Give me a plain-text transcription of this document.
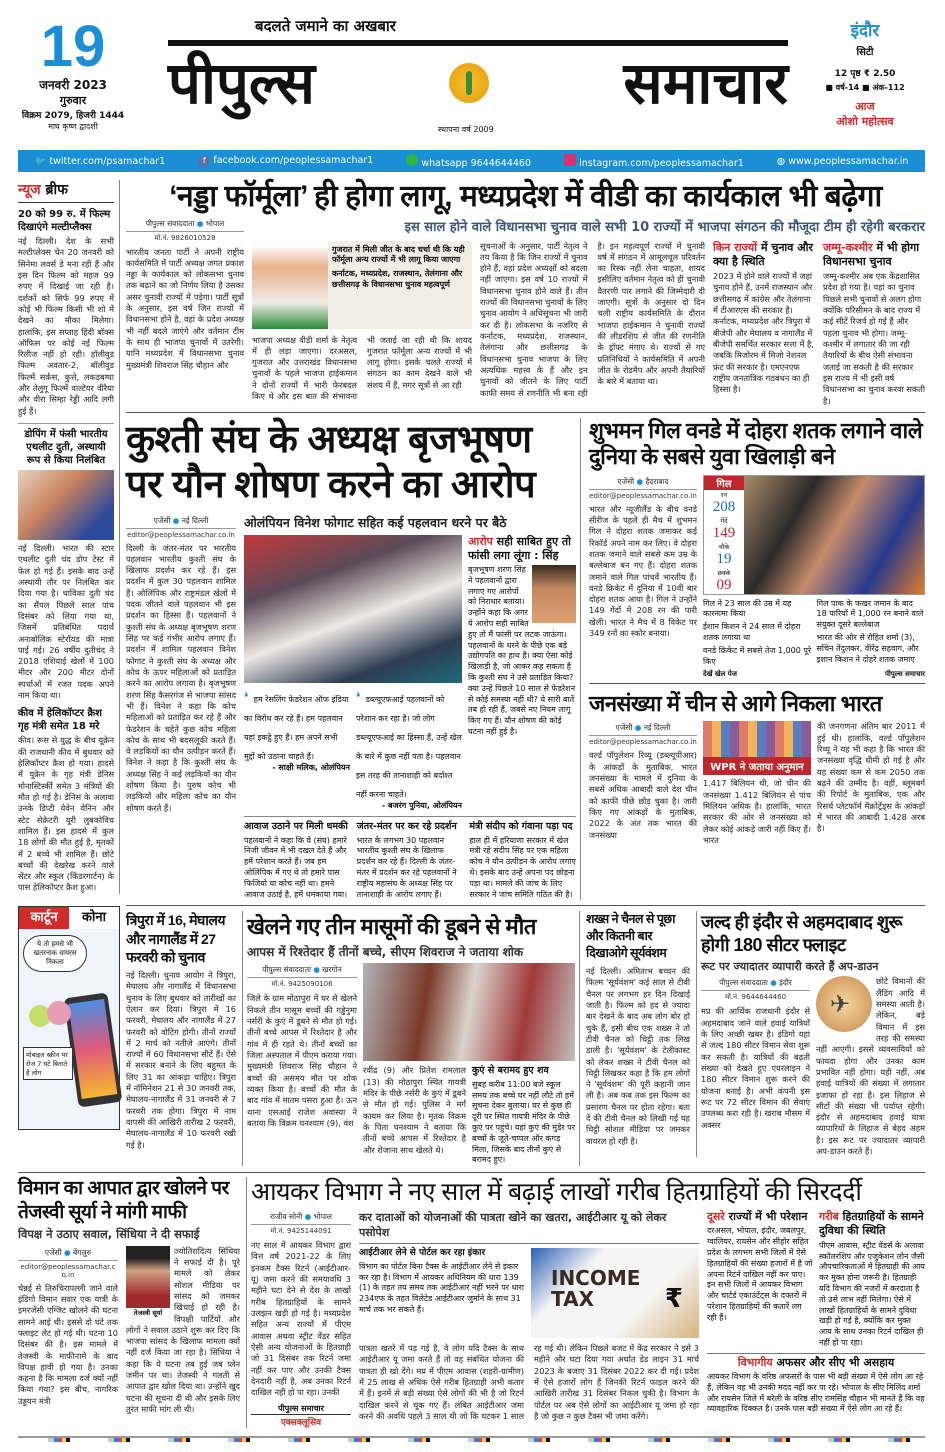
19
जनवरी 2023
गुरुवार
विक्रम 2079, हिजरी 1444
माघ कृष्ण द्वादशी
बदलते जमाने का अखबार
पीपुल्स	समाचार
स्थापना वर्ष 2009
इंदौर
सिटी
12 पृष्ठ ₹ 2.50
■ वर्ष-14 ■ अंक-112
आज
ओशो महोत्सव
🐦 twitter.com/psamachar1	f facebook.com/peoplessamachar1	whatsapp 9644644460	instagram.com/peoplessamachar1	◍ www.peoplessamachar.in
न्यूज ब्रीफ
20 को 99 रु. में फिल्म दिखाएंगे मल्टीप्लैक्स
नई दिल्ली। देश के सभी मल्टीप्लेक्स चेन 20 जनवरी को सिनेमा लवर्स डे मना रही हैं और इस दिन फिल्म को महज 99 रुपए में दिखाई जा रही है। दर्शकों को सिर्फ 99 रुपए में कोई भी फिल्म किसी भी शो में देखने का मौका मिलेगा। हालांकि, इस सप्ताह हिंदी बॉक्स ऑफिस पर कोई नई फिल्म रिलीज नहीं हो रही। हॉलीवुड फिल्म अवतार-2, बॉलीवुड फिल्में सर्कस, कुत्ते, लकड़बग्घा और तेलुगू फिल्में वाल्टेयर वीरैया और वीरा सिम्हा रेड्डी आदि लगी हुई हैं।
डोपिंग में फंसी भारतीय एथलीट दुती, अस्थायी रूप से किया निलंबित
नई दिल्ली। भारत की स्टार एथलीट दुती चंद डोप टेस्ट में फेल हो गई हैं। इसके बाद उन्हें अस्थायी तौर पर निलंबित कर दिया गया है। धाविका दुती चंद का सैंपल पिछले साल पांच दिसंबर को लिया गया था, जिसमें प्रतिबंधित पदार्थ अनाबोलिक स्टेरॉयड की मात्रा पाई गई। 26 वर्षीय दुतीचंद ने 2018 एशियाई खेलों में 100 मीटर और 200 मीटर दोनों स्पर्धाओं में रजत पदक अपने नाम किया था।
कीव में हेलिकॉप्टर क्रैश गृह मंत्री समेत 18 मरे
कीव। रूस से युद्ध के बीच यूक्रेन की राजधानी कीव में बुधवार को हेलिकॉप्टर क्रैश हो गया। हादसे में यूक्रेन के गृह मंत्री डेनिस मोनास्टिर्स्की समेत 3 मंत्रियों की मौत हो गई है। डेनिस के अलावा उनके डिप्टी येवेन येनिन और स्टेट सेक्रेटरी यूरी लुबकोविच शामिल हैं। इस हादसे में कुल 18 लोगों की मौत हुई है, मृतकों में 2 बच्चे भी शामिल हैं। छोटे बच्चों की देखरेख करने वाले सेंटर और स्कूल (किंडरगार्टन) के पास हेलिकॉप्टर क्रैश हुआ।
कार्टून	कोना
ये तो हमसे भी खतरनाक वायरस निकला
मोबाइल स्क्रीन पर रोज 7 घंटे बिताते हैं लोग
‘नड्डा फॉर्मूला’ ही होगा लागू, मध्यप्रदेश में वीडी का कार्यकाल भी बढ़ेगा
पीपुल्स संवाददाता ● भोपाल
मो.नं. 9826010528
भारतीय जनता पार्टी ने अपनी राष्ट्रीय कार्यसमिति में पार्टी अध्यक्ष जगत प्रकाश नड्डा के कार्यकाल को लोकसभा चुनाव तक बढ़ाने का जो निर्णय लिया है उसका असर चुनावी राज्यों में पड़ेगा। पार्टी सूत्रों के अनुसार, इस वर्ष जिन राज्यों में विधानसभा होने है, वहां के प्रदेश अध्यक्ष भी नहीं बदले जाएंगे और वर्तमान टीम के साथ ही भाजपा चुनावों में उतरेगी। यानि मध्यप्रदेश में विधानसभा चुनाव मुख्यमंत्री शिवराज सिंह चौहान और
इस साल होने वाले विधानसभा चुनाव वाले सभी 10 राज्यों में भाजपा संगठन की मौजूदा टीम ही रहेगी बरकरार
गुजरात में मिली जीत के बाद चर्चा थी कि यही फॉर्मूला अन्य राज्यों में भी लागू किया जाएगा
कर्नाटक, मध्यप्रदेश, राजस्थान, तेलंगाना और छत्तीसगढ़ के विधानसभा चुनाव महत्वपूर्ण
भाजपा अध्यक्ष वीडी शर्मा के नेतृत्व में ही लड़ा जाएगा। दरअसल, गुजरात और उत्तराखंड विधानसभा चुनावों के पहले भाजपा हाईकमान ने दोनों राज्यों में भारी फेरबदल किए थे और इस बात की संभावना भी जताई जा रही थी कि शायद गुजरात फॉर्मूला अन्य राज्यों में भी लागू होगा। इसके चलते राज्यों में संगठन का काम देखने वाले भी संशय में हैं, मगर सूत्रों से आ रही
सूचनाओं के अनुसार, पार्टी नेतृत्व ने तय किया है कि जिन राज्यों में चुनाव होने हैं, वहां प्रदेश अध्यक्षों को बदला नहीं जाएगा। इस वर्ष 10 राज्यों में विधानसभा चुनाव होने वाले हैं। तीन राज्यों की विधानसभा चुनावों के लिए चुनाव आयोग ने अधिसूचना भी जारी कर दी है। लोकसभा के नजरिए से कर्नाटक, मध्यप्रदेश, राजस्थान, तेलंगाना और छत्तीसगढ़ के विधानसभा चुनाव भाजपा के लिए अत्यधिक महत्त्व के हैं और इन चुनावों को जीतने के लिए पार्टी काफी समय से रणनीति भी बना रही है। इन महत्वपूर्ण राज्यों में चुनावी वर्ष में संगठन में आमूलचूल परिवर्तन का रिस्क नहीं लेना चाहता, शायद इसीलिए वर्तमान नेतृत्व को ही चुनावी वैतरणी पार लगाने की जिम्मेदारी दी जाएगी। सूत्रों के अनुसार दो दिन चली राष्ट्रीय कार्यसमिति के दौरान भाजपा हाईकमान ने चुनावी राज्यों की लीडरशिप से जीत की रणनीति के ड्रॉफ्ट मंगाए थे। राज्यों से गए प्रतिनिधियों ने कार्यसमिति में अपनी जीत के रोडमैप और अपनी तैयारियों के बारे में बताया था।
किन राज्यों में चुनाव और क्या है स्थिति
2023 में होने वाले राज्यों में जहां चुनाव होने हैं, उनमें राजस्थान और छत्तीसगढ़ में कांग्रेस और तेलंगाना में टीआरएस की सरकार है। कर्नाटक, मध्यप्रदेश और त्रिपुरा में बीजेपी और मेघालय व नागालैंड में बीजेपी समर्थित सरकार सत्ता में है, जबकि मिजोरम में मिजो नेशनल फ्रंट की सरकार है। एमएनएफ राष्ट्रीय जनतांत्रिक गठबंधन का ही हिस्सा है।
जम्मू-कश्मीर में भी होगा विधानसभा चुनाव
जम्मू-कश्मीर अब एक केंद्रशासित प्रदेश हो गया है। यहां का चुनाव पिछले सभी चुनावों से अलग होगा क्योंकि परिसीमन के बाद राज्य में कई सीटें रिजर्व हो गई हैं और पहला चुनाव भी होगा। जम्मू-कश्मीर में लगातार की जा रही तैयारियों के बीच ऐसी संभावना जताई जा सकती है की सरकार इस राज्य में भी इसी वर्ष विधानसभा का चुनाव करवा सकती है।
कुश्ती संघ के अध्यक्ष बृजभूषण पर यौन शोषण करने का आरोप
एजेंसी ● नई दिल्ली
editor@peoplessamachar.co.in
दिल्ली के जंतर-मंतर पर भारतीय पहलवान भारतीय कुश्ती संघ के खिलाफ प्रदर्शन कर रहे हैं। इस प्रदर्शन में कुल 30 पहलवान शामिल हैं। ओलिंपिक और राष्ट्रमंडल खेलों में पदक जीतने वाले पहलवान भी इस प्रदर्शन का हिस्सा हैं। पहलवानों ने कुश्ती संघ के अध्यक्ष बृजभूषण शरण सिंह पर कई गंभीर आरोप लगाए हैं। प्रदर्शन में शामिल पहलवान विनेश फोगाट ने कुश्ती संघ के अध्यक्ष और कोच के ऊपर महिलाओं को प्रताड़ित करने का आरोप लगाया है। बृजभूषण शरण सिंह कैसरगंज से भाजपा सांसद भी हैं। विनेश ने कहा कि कोच महिलाओं को प्रताड़ित कर रहे हैं और फेडरेशन के चहेते कुछ कोच महिला कोच के साथ भी बदसलूकी करते हैं। वे लड़कियों का यौन उत्पीड़न करते हैं। विनेश ने कहा है कि कुश्ती संघ के अध्यक्ष सिंह ने कई लड़कियों का यौन शोषण किया है। पुरुष कोच भी लड़कियों और महिला कोच का यौन शोषण करते हैं।
ओलंपियन विनेश फोगाट सहित कई पहलवान धरने पर बैठे
❛ हम रेसलिंग फेडरेशन ऑफ इंडिया का विरोध कर रहे हैं। हम पहलवान यहां इकट्ठे हुए हैं। हम अपने सभी मुद्दों को उठाना चाहते हैं।
- साक्षी मलिक, ओलंपियन
❛ डब्ल्यूएफआई पहलवानों को परेशान कर रहा है। जो लोग डब्ल्यूएफआई का हिस्सा हैं, उन्हें खेल के बारे में कुछ नहीं पता है। पहलवान इस तरह की तानाशाही को बर्दाश्त नहीं करना चाहते।
- बजरंग पुनिया, ओलंपियन
आरोप सही साबित हुए तो फांसी लगा लूंगा : सिंह
बृजभूषण शरण सिंह ने पहलवानों द्वारा लगाए गए आरोपों को निराधार बताया। उन्होंने कहा कि अगर ये आरोप सही साबित हुए तो मैं फांसी पर लटक जाऊंगा। पहलवानों के धरने के पीछे एक बड़े उद्योगपति का हाथ है। क्या ऐसा कोई खिलाड़ी है, जो आकर कह सकता है कि कुश्ती संघ ने उसे प्रताड़ित किया? क्या उन्हें पिछले 10 साल से फेडरेशन से कोई समस्या नहीं थी? ये सारी बातें तब हो रही हैं, जबसे नए नियम लागू किए गए हैं। यौन शोषण की कोई घटना नहीं हुई है।
आवाज उठाने पर मिली धमकी
पहलवानों ने कहा कि वे (संघ) हमारे निजी जीवन में भी दखल देते हैं और हमें परेशान करते हैं। जब हम ओलिंपिक में गए थे तो हमारे पास फिजियो या कोच नहीं था। हमने आवाज उठाई है, हमें धमकाया गया।
जंतर-मंतर पर कर रहे प्रदर्शन
भारत के लगभग 30 पहलवान भारतीय कुश्ती संघ के खिलाफ प्रदर्शन कर रहे हैं। दिल्ली के जंतर-मंतर में प्रदर्शन कर रहे पहलवानों ने राष्ट्रीय महासंघ के अध्यक्ष सिंह पर तानाशाही के आरोप लगाए हैं।
मंत्री संदीप को गंवाना पड़ा पद
हाल ही में हरियाणा सरकार में खेल मंत्री रहे संदीप सिंह पर एक महिला कोच ने यौन उत्पीड़न के आरोप लगाए थे। इसके बाद उन्हें अपना पद छोड़ना पड़ा था। मामले की जांच के लिए सरकार ने जांच समिति गठित की है।
शुभमन गिल वनडे में दोहरा शतक लगाने वाले दुनिया के सबसे युवा खिलाड़ी बने
एजेंसी ● हैदराबाद
editor@peoplessamachar.co.in
भारत और न्यूजीलैंड के बीच वनडे सीरीज के पहले ही मैच में शुभमन गिल ने दोहरा शतक जमाकर कई रिकॉर्ड अपने नाम कर लिए। वे दोहरा शतक जमाने वाले सबसे कम उम्र के बल्लेबाज बन गए हैं। दोहरा शतक जमाने वाले गिल पांचवें भारतीय हैं। वनडे क्रिकेट में दुनिया में 10वीं बार दोहरा शतक आया है। गिल ने उन्होंने 149 गेंदों में 208 रन की पारी खेली। भारत ने मैच में 8 विकेट पर 349 रनों का स्कोर बनाया।
गिल
रन
208
गेंदें
149
चौके
19
छक्के
09
गिल ने 23 साल की उम्र में यह कारनामा किया
ईशान किशन ने 24 साल में दोहरा शतक लगाया था
वनडे क्रिकेट में सबसे तेज 1,000 पूरे किए
गिल पाक के फखर जमान के बाद 18 पारियों में 1,000 रन बनाने वाले संयुक्त दूसरे बल्लेबाज
भारत की ओर से रोहित शर्मा (3), सचिन तेंदुलकर, वीरेंद्र सहवाग, और इशान किशन ने दोहरे शतक जमाए
देखें खेल पेज	पीपुल्स समाचार
जनसंख्या में चीन से आगे निकला भारत
एजेंसी ● नई दिल्ली
editor@peoplessamachar.co.in
वर्ल्ड पॉपुलेशन रिव्यू (डब्ल्यूपीआर) के आंकड़ों के मुताबिक, भारत जनसंख्या के मामले में दुनिया के सबसे अधिक आबादी वाले देश चीन को काफी पीछे छोड़ चुका है। जारी किए गए आंकड़ों के मुताबिक, 2022 के अंत तक भारत की जनसंख्या
WPR ने जताया अनुमान
1.417 बिलियन थी, जो चीन की जनसंख्या 1.412 बिलियन से पांच मिलियन अधिक है। हालांकि, भारत सरकार की ओर से जनसंख्या को लेकर कोई आंकड़े जारी नहीं किए हैं। भारत
की जनगणना अंतिम बार 2011 में हुई थी। हालांकि, वर्ल्ड पॉपुलेशन रिव्यू ने यह भी कहा है कि भारत की जनसंख्या वृद्धि धीमी हो गई है और यह संख्या कम से कम 2050 तक बढ़ने की उम्मीद है। वहीं, ब्लूमबर्ग की रिपोर्ट के मुताबिक, एक और रिसर्च प्लेटफॉर्म मैक्रोट्रेंड्स के आंकड़ों में भारत की आबादी 1.428 अरब है।
त्रिपुरा में 16, मेघालय और नागालैंड में 27 फरवरी को चुनाव
नई दिल्ली। चुनाव आयोग ने त्रिपुरा, मेघालय और नागालैंड में विधानसभा चुनाव के लिए बुधवार को तारीखों का ऐलान कर दिया। त्रिपुरा में 16 फरवरी, मेघालय और नागालैंड में 27 फरवरी को वोटिंग होगी। तीनों राज्यों में 2 मार्च को नतीजे आएंगे। तीनों राज्यों में 60 विधानसभा सीटें हैं। ऐसे में सरकार बनाने के लिए बहुमत के लिए 31 का आंकड़ा चाहिए। त्रिपुरा में नॉमिनेशन 21 से 30 जनवरी तक, मेघालय-नागालैंड में 31 जनवरी से 7 फरवरी तक होगा। त्रिपुरा में नाम वापसी की आखिरी तारीख 2 फरवरी, मेघालय-नागालैंड में 10 फरवरी रखी गई है।
खेलने गए तीन मासूमों की डूबने से मौत
आपस में रिश्तेदार हैं तीनों बच्चे, सीएम शिवराज ने जताया शोक
पीपुल्स संवाददाता ● खरगोन
मो.नं. 9425090106
जिले के ग्राम मोठापुरा में घर से खेलने निकले तीन मासूम बच्चों की गड्ढेनुमा नर्सरी के कुएं में डूबने से मौत हो गई। तीनों बच्चे आपस में रिश्तेदार है और गांव में ही रहते थे। तीनों बच्चों का जिला अस्पताल में पीएम कराया गया। मुख्यमंत्री शिवराज सिंह चौहान ने बच्चों की असमय मौत पर शोक व्यक्त किया है। बच्चों की मौत के बाद गांव में मातम पसरा हुआ है। ऊन थाना एसआई राजेश अवास्या ने बताया कि विक्रम घनश्याम (9), वंश
रवींद्र (9) और प्रितेश रामलाल (13) की मोठापुरा स्थित गायत्री मंदिर के पीछे नर्सरी के कुएं में डूबने से मौत हो गई। पुलिस ने मर्ग कायम कर लिया है। मृतक विक्रम के पिता घनश्याम ने बताया कि तीनों बच्चे आपस में रिश्तेदार है और रोजाना साथ खेलते थे।
कुएं से बरामद हुए शव
सुबह करीब 11:00 बजे स्कूल समय तक बच्चे घर नहीं लौटे तो हमें सूचना देकर बुलाया। घर से कुछ ही दूरी पर स्थित गायत्री मंदिर के पीछे कुएं पर पहुंचे। यहां कुएं की मुंडेर पर बच्चों के जूते-चप्पल और कंगड़ मिला, जिसके बाद तीनों कुएं से बरामद हुए।
शख्स ने चैनल से पूछा और कितनी बार दिखाओगे सूर्यवंशम
नई दिल्ली। अमिताभ बच्चन की फिल्म 'सूर्यवंशम' कई साल से टीवी चैनल पर लगभग हर दिन दिखाई जाती है। फिल्म को हद से ज्यादा बार देखने के बाद अब लोग बोर हो चुके हैं, इसी बीच एक शख्स ने तो टीवी चैनल को चिट्ठी तक लिख डाली है। 'सूर्यवंशम' के टेलीकास्ट को लेकर शख्स ने टीवी चैनल को चिट्ठी लिखकर कहा है कि हम लोगों ने 'सूर्यवंशम' की पूरी कहानी जान ली है। अब कब तक इस फिल्म का प्रसारण चैनल पर होता रहेगा। बता दें की टीवी चैनल को लिखी गई यह चिट्ठी सोशल मीडिया पर जमकर वायरल हो रही है।
जल्द ही इंदौर से अहमदाबाद शुरू होगी 180 सीटर फ्लाइट
रूट पर ज्यादातर व्यापारी करते हैं अप-डाउन
पीपुल्स संवाददाता ● इंदौर
मो.नं. 9644644460
मप्र की आर्थिक राजधानी इंदौर से अहमदाबाद जाने वाले हवाई यात्रियों के लिए अच्छी खबर है। इंडिगो यहां से जल्द 180 सीटर विमान सेवा शुरू कर सकती है। यात्रियों की बढ़ती संख्या को देखते हुए एयरलाइन ने 180 सीटर विमान शुरू करने की योजना बनाई है। अभी कंपनी इस रूट पर 72 सीटर विमान की सेवाएं उपलब्ध करा रही है। खराब मौसम में अक्सर
✈
छोटे विमानों की लैंडिंग आदि में समस्या आती है। लेकिन, बड़े विमान में इस तरह की समस्या नहीं आएगी। इससे व्यवसायियों को फायदा होगा और उनका काम प्रभावित नहीं होगा। यही नहीं, अब हवाई यात्रियों की संख्या में लगातार इजाफा हो रहा है। इस लिहाज से सीटों की संख्या भी पर्याप्त रहेगी। इंदौर से अहमदाबाद हवाई यात्रा व्यापारियों के लिहाज से बेहद अहम है। इस रूट पर ज्यादातर व्यापारी अप-डाउन करते हैं।
विमान का आपात द्वार खोलने पर तेजस्वी सूर्या ने मांगी माफी
विपक्ष ने उठाए सवाल, सिंधिया ने दी सफाई
एजेंसी ● बेंगलुरु
editor@peoplessamachar.co.in
चेन्नई से तिरुचिरापल्ली जाने वाले इंडिगो विमान सवार एक यात्री के इमरजेंसी एग्जिट खोलने की घटना सामने आई थी। इससे दो घंटे तक फ्लाइट लेट हो गई थी। घटना 10 दिसंबर की है। इस मामले में तेजस्वी के माफीनामे के बाद विपक्ष हावी हो गया है। उनका कहना है कि मामला दर्ज क्यों नहीं किया गया? इस बीच, नागरिक उड्डयन मंत्री
तेजस्वी सूर्या
ज्योतिरादित्य सिंधिया ने सफाई दी है। पूरे मामले को लेकर सोशल मीडिया पर सांसद को जमकर खिंचाई हो रही है। विपक्षी पार्टियों और लोगों ने सवाल उठाने शुरू कर दिए कि भाजपा सांसद के खिलाफ मामला क्यों नहीं दर्ज किया जा रहा है। सिंधिया ने कहा कि ये घटना तब हुई जब प्लेन जमीन पर था। तेजस्वी ने गलती से आपात द्वार खोल दिया था। उन्होंने खुद घटना की सूचना दी थी और इसके लिए तुरंत माफी मांग ली थी।
आयकर विभाग ने नए साल में बढ़ाई लाखों गरीब हितग्राहियों की सिरदर्दी
राजीव सोनी ● भोपाल
मो.नं. 9425144091
नए साल में आयकर विभाग द्वारा वित्त वर्ष 2021-22 के लिए इनकम टैक्स रिटर्न (आईटीआर-यू) जमा करने की समयावधि 3 महीने घटा देने से देश के लाखों गरीब हितग्राहियों के सामने उलझन खड़ी हो गई है। मध्यप्रदेश सहित अन्य राज्यों में पीएम आवास अथवा स्ट्रीट वेंडर सहित ऐसी अन्य योजनाओं के हितग्राही जो 31 दिसंबर तक रिटर्न जमा नहीं कर पाए और उनकी टैक्स देनदारी नहीं है, अब उनका रिटर्न दाखिल नहीं हो पा रहा। उनकी
पीपुल्स समाचार
एक्सक्लूसिव
कर दाताओं को योजनाओं की पात्रता खोने का खतरा, आईटीआर यू को लेकर पसोपेश
आईटीआर लेने से पोर्टल कर रहा इंकार
विभाग का पोर्टल बिना टैक्स के आईटीआर लेने से इंकार कर रहा है। विभाग में आयकर अधिनियम की धारा 139 (1) के तहत तय समय तक आईटीआर नहीं भरने पर धारा 234एफ के तहत विलेटेड आईटीआर जुर्माने के साथ 31 मार्च तक भर सकते हैं।
INCOME TAX	₹
पात्रता खतरे में पड़ गई है, वे लोग यदि टैक्स के साथ आईटीआर यू जमा करते हैं तो वह संबंधित योजना की पात्रता ही खो देंगे। मप्र में पीएम आवास (शहरी-ग्रामीण) में 25 लाख से अधिक ऐसे गरीब हितग्राही अभी कतार में हैं। इनमें से बड़ी संख्या ऐसे लोगों की भी है जो रिटर्न दाखिल करने से चूक गए हैं। लंबित आईटीआर जमा करने की अवधि पहले 3 साल थी जो कि घटकर 1 साल रह गई थी। लेकिन पिछले बजट में केंद्र सरकार ने इसे 3 महीने और घटा दिया गया अर्थात डेड लाइन 31 मार्च 2023 के बजाए 31 दिसंबर 2022 कर दी गई। प्रदेश में ऐसे हजारों लोग हैं जिनकी रिटर्न फाइल करने की आखिरी तारीख 31 दिसंबर निकल चुकी है। विभाग के पोर्टल पर अब ऐसे लोगों का आईटीआर यू जमा हो रहा है जो कुछ न कुछ टैक्स भी जमा करेंगे।
दूसरे राज्यों में भी परेशान
दरअसल, भोपाल, इंदौर, जबलपुर, ग्वालियर, रायसेन और सीहोर सहित प्रदेश के लगभग सभी जिलों में ऐसे हितग्राहियों की संख्या हजारों में है जो अपना रिटर्न दाखिल नहीं कर पाए। इन सभी जिलों में आयकर विभाग और चार्टर्ड एकाउंटेंट्स के दफ्तरों में परेशान हितग्राहियों की कतारें लग रही हैं।
गरीब हितग्राहियों के सामने दुविधा की स्थिति
पीएम आवास, स्ट्रीट वेंडर्स के अलावा स्कॉलरशिप और एजुकेशन लोन जैसी औपचारिकताओं में हितग्राही की आय कर मुक्त होना जरूरी है। हितग्राही यदि विभाग की नजरों में करदाता है तो उसे लाभ नहीं मिलेगा। ऐसे में लाखों हितग्राहियों के सामने दुविधा खड़ी हो गई है, क्योंकि कर मुक्त आय के साथ उनका रिटर्न दाखिल ही नहीं हो पा रहा।
विभागीय अफसर और सीए भी असहाय
आयकर विभाग के वरिष्ठ अफसरों के पास भी बड़ी संख्या में ऐसे लोग आ रहे हैं, लेकिन वह भी उनकी मदद नहीं कर पा रहे। भोपाल के सीए मिलिंद शर्मा और रायसेन जिले में बरेली के वरिष्ठ सीए रामसिंह चौहान भी मानते हैं कि वह व्यावहारिक दिक्कत है। उनके पास बड़ी संख्या में ऐसे लोग आ रहे हैं।
